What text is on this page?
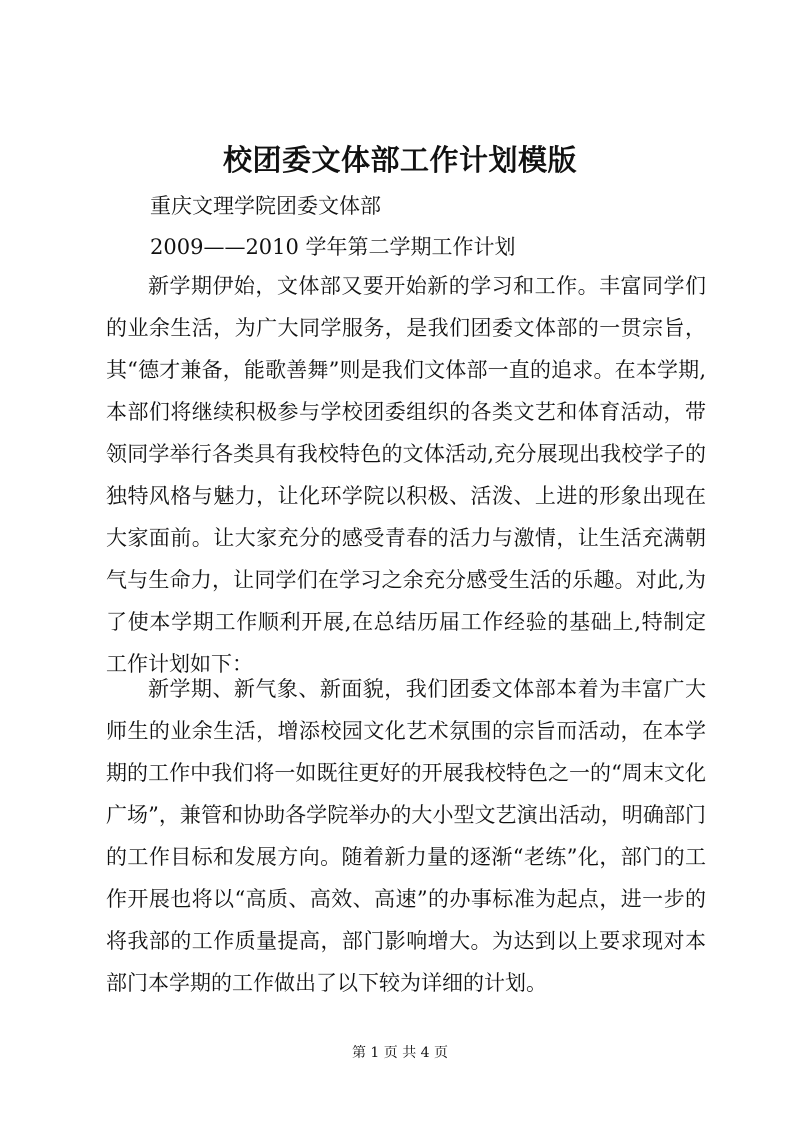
校团委文体部工作计划模版
重庆文理学院团委文体部
2009——2010 学年第二学期工作计划

新学期伊始，文体部又要开始新的学习和工作。丰富同学们的业余生活，为广大同学服务，是我们团委文体部的一贯宗旨，其“德才兼备，能歌善舞”则是我们文体部一直的追求。在本学期,本部们将继续积极参与学校团委组织的各类文艺和体育活动，带领同学举行各类具有我校特色的文体活动,充分展现出我校学子的独特风格与魅力，让化环学院以积极、活泼、上进的形象出现在大家面前。让大家充分的感受青春的活力与激情，让生活充满朝气与生命力，让同学们在学习之余充分感受生活的乐趣。对此,为了使本学期工作顺利开展,在总结历届工作经验的基础上,特制定工作计划如下：

新学期、新气象、新面貌，我们团委文体部本着为丰富广大师生的业余生活，增添校园文化艺术氛围的宗旨而活动，在本学期的工作中我们将一如既往更好的开展我校特色之一的“周末文化广场”，兼管和协助各学院举办的大小型文艺演出活动，明确部门的工作目标和发展方向。随着新力量的逐渐“老练”化，部门的工作开展也将以“高质、高效、高速”的办事标准为起点，进一步的将我部的工作质量提高，部门影响增大。为达到以上要求现对本部门本学期的工作做出了以下较为详细的计划。

第 1 页 共 4 页
